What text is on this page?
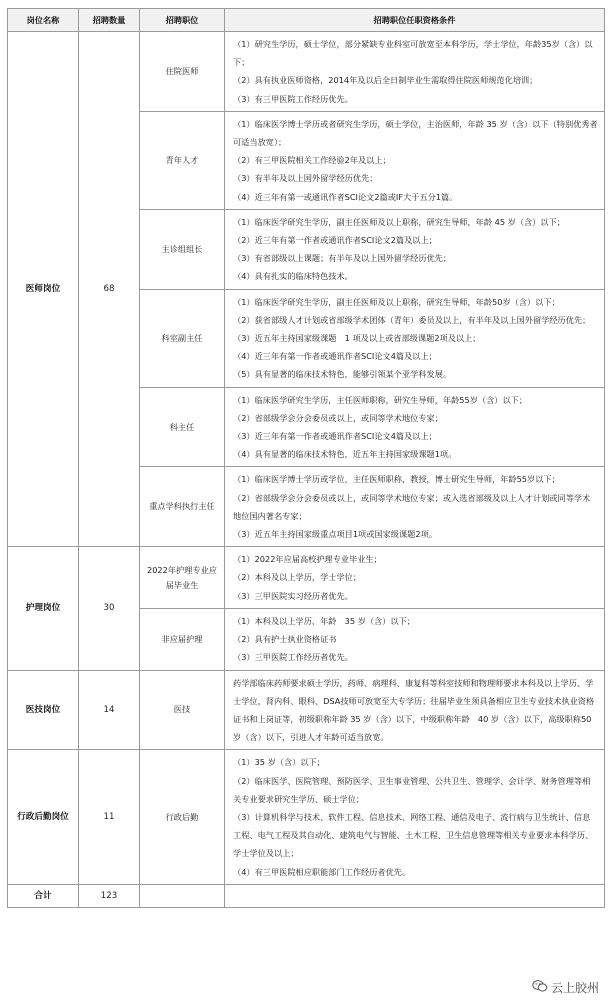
岗位名称	招聘数量	招聘职位	招聘职位任职资格条件
医师岗位	68	住院医师	（1）研究生学历，硕士学位，部分紧缺专业科室可放宽至本科学历，学士学位，年龄35岁（含）以下；
（2）具有执业医师资格，2014年及以后全日制毕业生需取得住院医师规范化培训；
（3）有三甲医院工作经历优先。

		青年人才	（1）临床医学博士学历或者研究生学历，硕士学位，主治医师，年龄 35 岁（含）以下（特别优秀者可适当放宽）；
（2）有三甲医院相关工作经验2年及以上；
（3）有半年及以上国外留学经历优先；
（4）近三年有第一或通讯作者SCI论文2篇或IF大于五分1篇。

		主诊组组长	（1）临床医学研究生学历，副主任医师及以上职称，研究生导师，年龄 45 岁（含）以下；
（2）近三年有第一作者或通讯作者SCI论文2篇及以上；
（3）有省部级以上课题；有半年及以上国外留学经历优先；
（4）具有扎实的临床特色技术。

		科室副主任	（1）临床医学研究生学历，副主任医师及以上职称，研究生导师，年龄50岁（含）以下；
（2）获省部级人才计划或省部级学术团体（青年）委员及以上，有半年及以上国外留学经历优先；
（3）近五年主持国家级课题　1 项及以上或省部级课题2项及以上；
（4）近三年有第一作者或通讯作者SCI论文4篇及以上；
（5）具有显著的临床技术特色，能够引领某个亚学科发展。

		科主任	（1）临床医学研究生学历，主任医师职称，研究生导师，年龄55岁（含）以下；
（2）省部级学会分会委员或以上，或同等学术地位专家；
（3）近三年有第一作者或通讯作者SCI论文4篇及以上；
（4）具有显著的临床技术特色，近五年主持国家级课题1项。

		重点学科执行主任	（1）临床医学博士学历或学位，主任医师职称，教授，博士研究生导师，年龄55岁以下；
（2）省部级学会分会委员或以上，或同等学术地位专家；或入选省部级及以上人才计划或同等学术地位国内著名专家；
（3）近五年主持国家级重点项目1项或国家级课题2项。

护理岗位	30	2022年护理专业应届毕业生	（1）2022年应届高校护理专业毕业生；
（2）本科及以上学历，学士学位；
（3）三甲医院实习经历者优先。

		非应届护理	（1）本科及以上学历，年龄　35 岁（含）以下；
（2）具有护士执业资格证书
（3）三甲医院工作经历者优先。

医技岗位	14	医技	药学部临床药师要求硕士学历，药师、病理科、康复科等科室技师和物理师要求本科及以上学历、学士学位，肾内科、眼科、DSA技师可放宽至大专学历；往届毕业生须具备相应卫生专业技术执业资格证书和上岗证等，初级职称年龄 35 岁（含）以下，中级职称年龄　40 岁（含）以下，高级职称50 岁（含）以下，引进人才年龄可适当放宽。

行政后勤岗位	11	行政后勤	（1）35 岁（含）以下；
（2）临床医学、医院管理、预防医学、卫生事业管理、公共卫生、管理学、会计学、财务管理等相关专业要求研究生学历、硕士学位；
（3）计算机科学与技术、软件工程、信息技术、网络工程、通信及电子、流行病与卫生统计、信息工程、电气工程及其自动化、建筑电气与智能、土木工程、卫生信息管理等相关专业要求本科学历、学士学位及以上；
（4）有三甲医院相应职能部门工作经历者优先。

合计	123		
云上胶州
